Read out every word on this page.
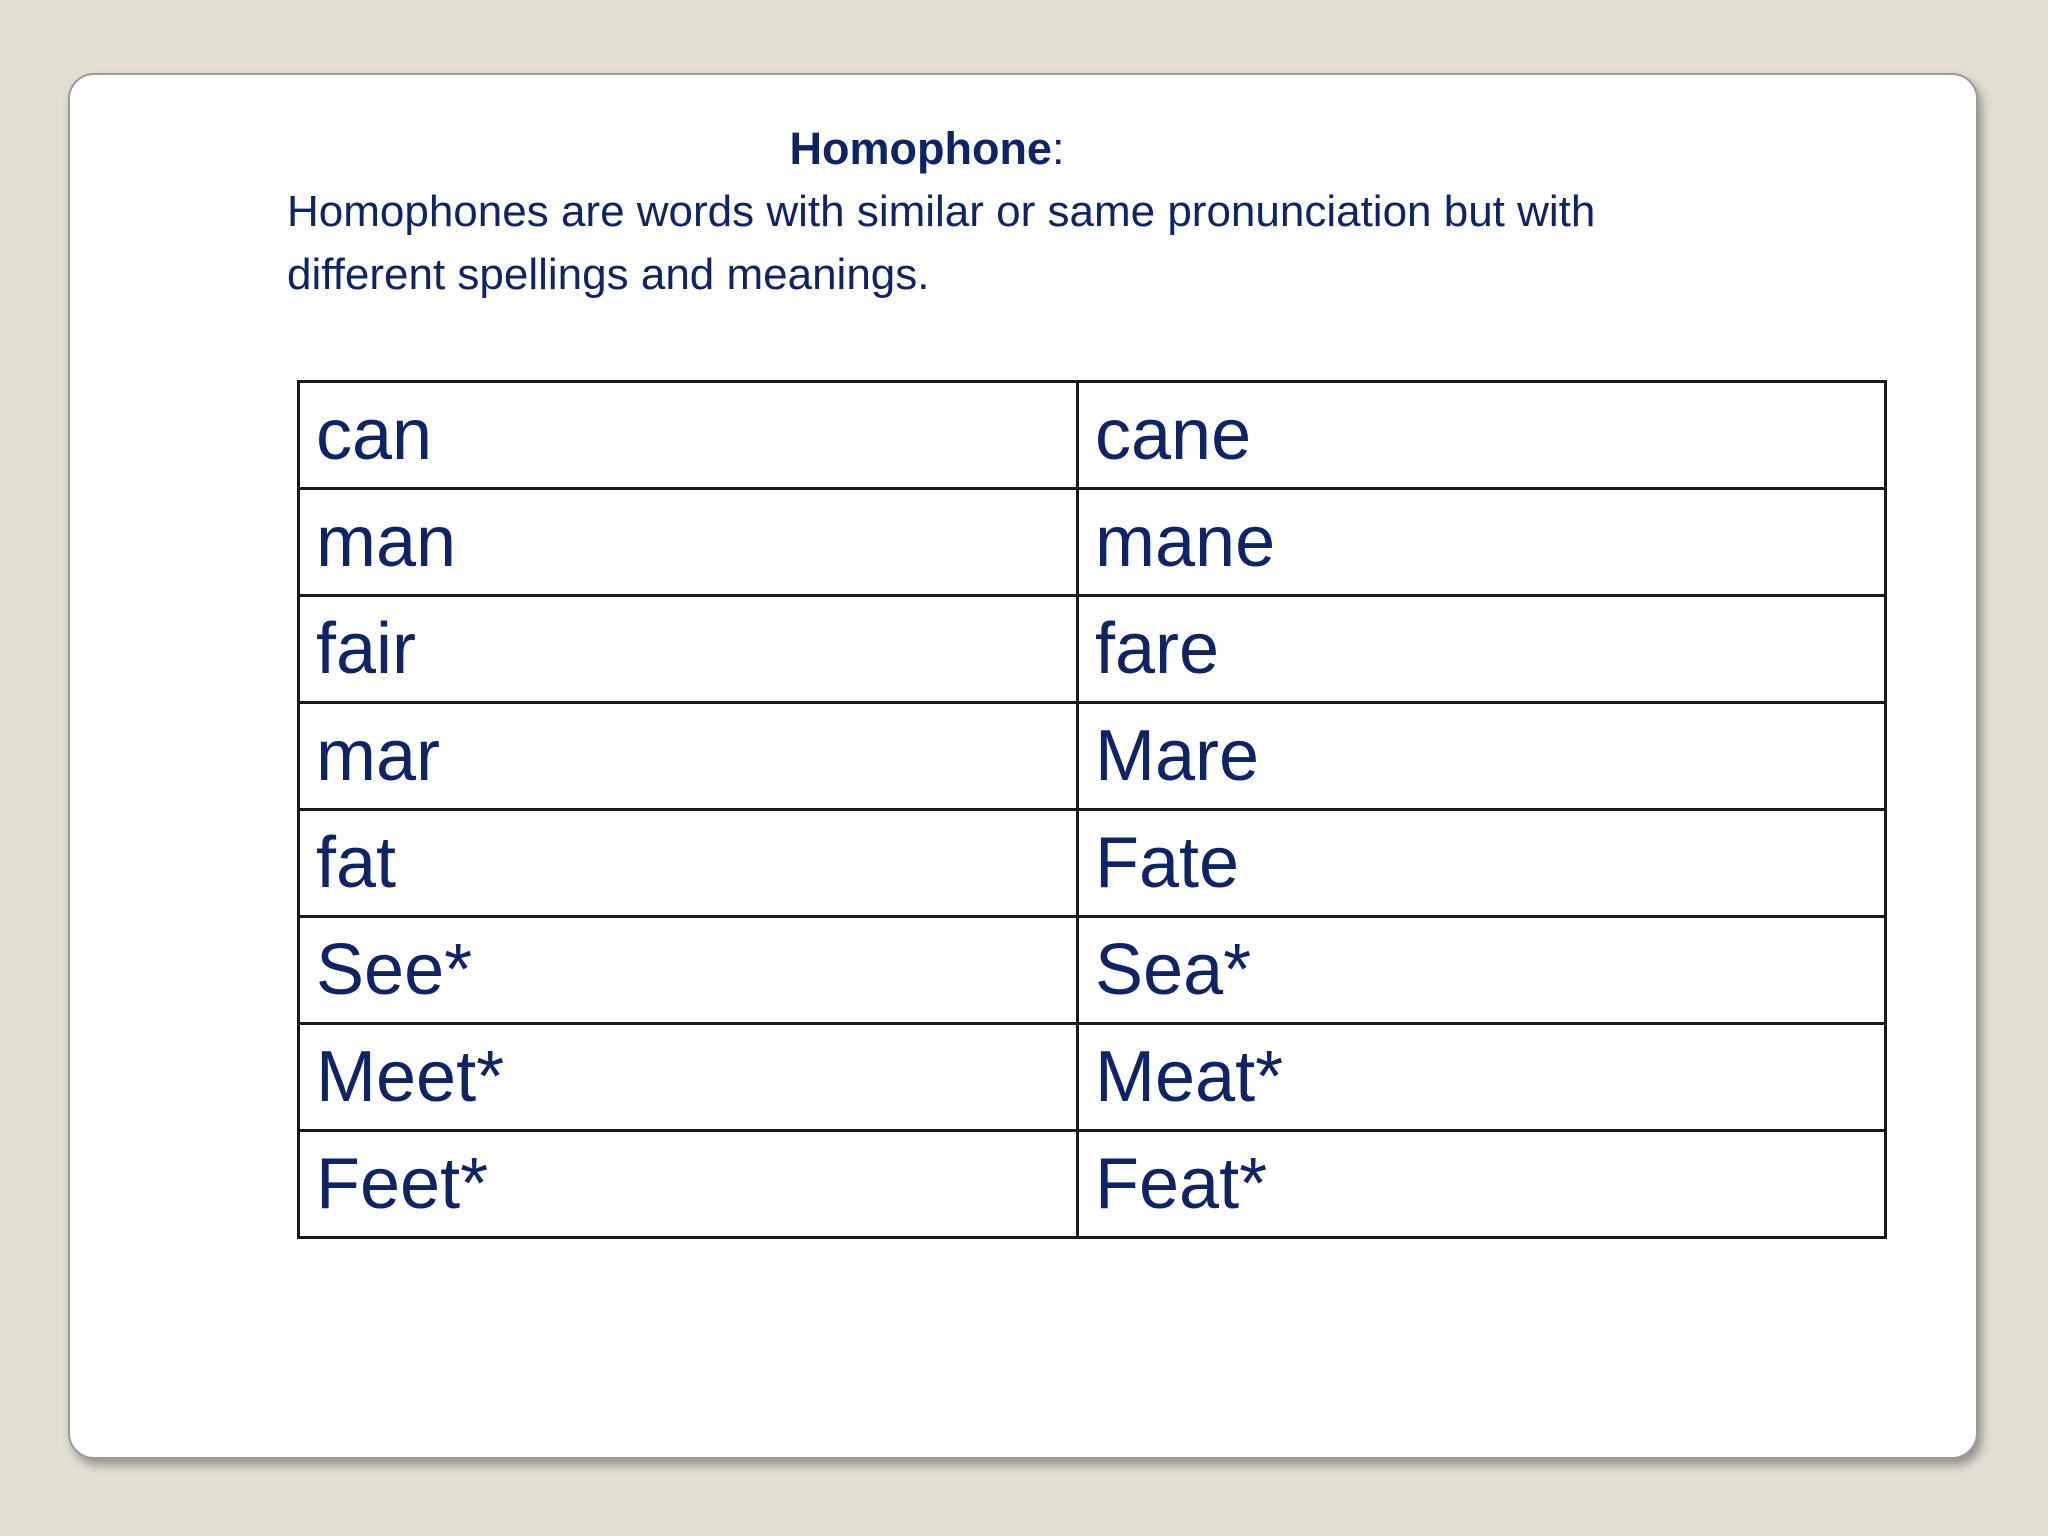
Homophone:
Homophones are words with similar or same pronunciation but with
different spellings and meanings.
can	cane
man	mane
fair	fare
mar	Mare
fat	Fate
See*	Sea*
Meet*	Meat*
Feet*	Feat*
